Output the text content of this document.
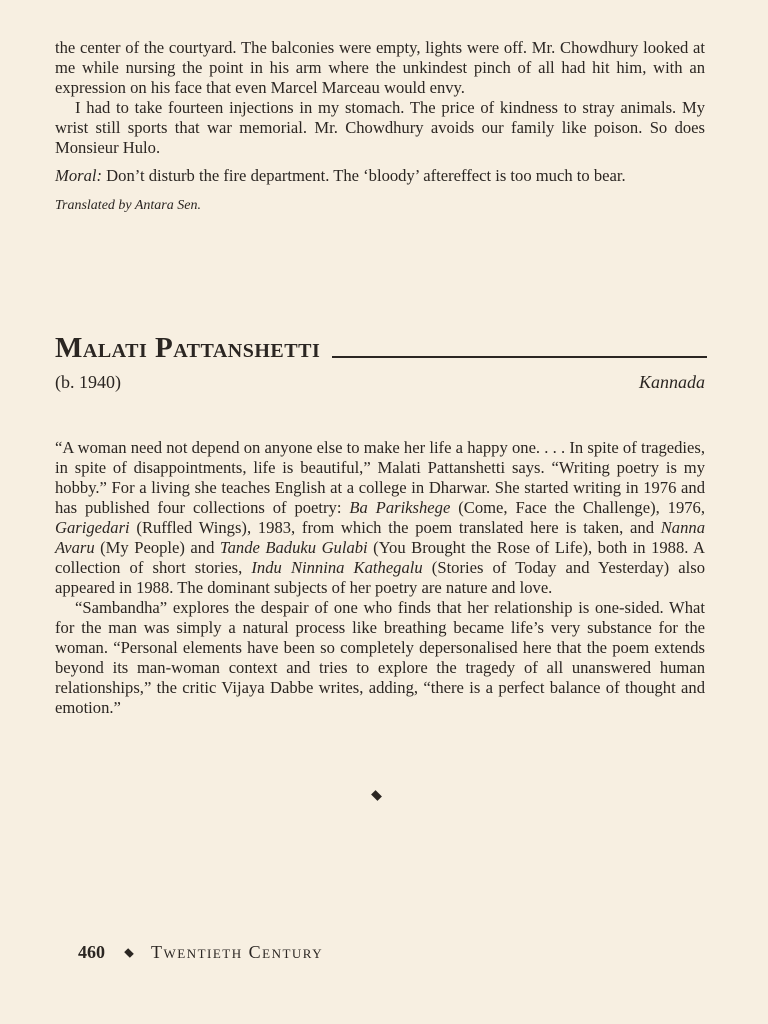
the center of the courtyard. The balconies were empty, lights were off. Mr. Chowdhury looked at me while nursing the point in his arm where the unkindest pinch of all had hit him, with an expression on his face that even Marcel Marceau would envy.

I had to take fourteen injections in my stomach. The price of kindness to stray animals. My wrist still sports that war memorial. Mr. Chowdhury avoids our family like poison. So does Monsieur Hulo.

Moral: Don’t disturb the fire department. The ‘bloody’ aftereffect is too much to bear.

Translated by Antara Sen.

Malati Pattanshetti
(b. 1940)	Kannada

“A woman need not depend on anyone else to make her life a happy one. . . . In spite of tragedies, in spite of disappointments, life is beautiful,” Malati Pattanshetti says. “Writing poetry is my hobby.” For a living she teaches English at a college in Dharwar. She started writing in 1976 and has published four collections of poetry: Ba Parikshege (Come, Face the Challenge), 1976, Garigedari (Ruffled Wings), 1983, from which the poem translated here is taken, and Nanna Avaru (My People) and Tande Baduku Gulabi (You Brought the Rose of Life), both in 1988. A collection of short stories, Indu Ninnina Kathegalu (Stories of Today and Yesterday) also appeared in 1988. The dominant subjects of her poetry are nature and love.

“Sambandha” explores the despair of one who finds that her relationship is one-sided. What for the man was simply a natural process like breathing became life’s very substance for the woman. “Personal elements have been so completely depersonalised here that the poem extends beyond its man-woman context and tries to explore the tragedy of all unanswered human relationships,” the critic Vijaya Dabbe writes, adding, “there is a perfect balance of thought and emotion.”

460	Twentieth Century
